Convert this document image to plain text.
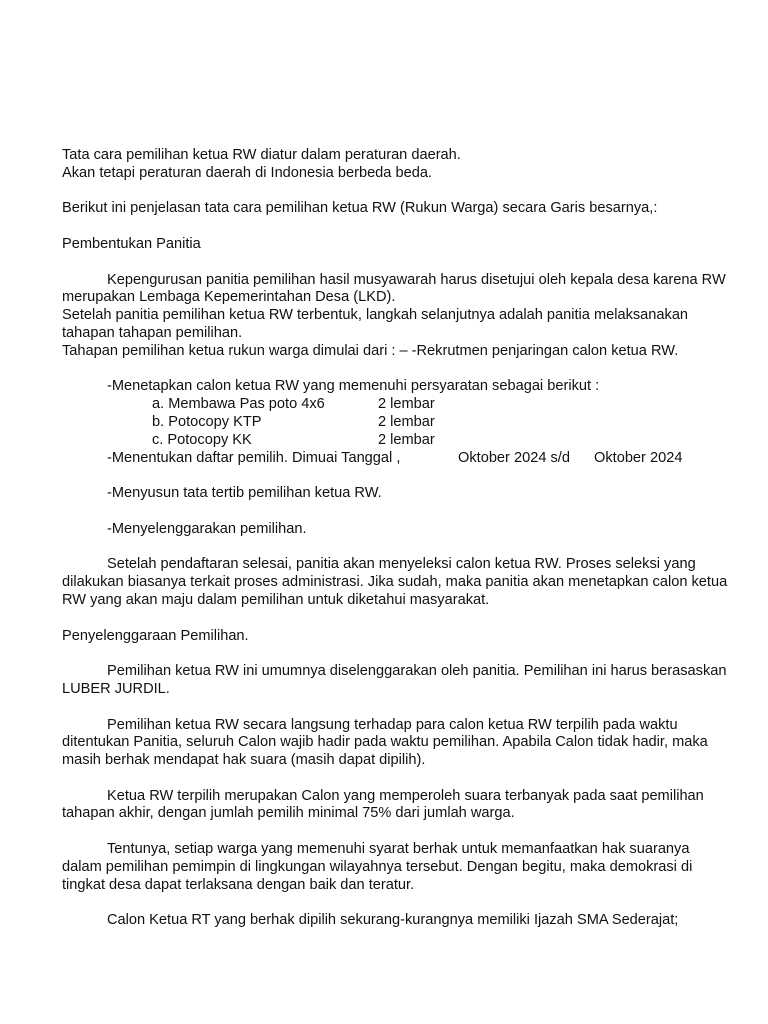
Tata cara pemilihan ketua RW diatur dalam peraturan daerah.

Akan tetapi peraturan daerah di Indonesia berbeda beda.

Berikut ini penjelasan tata cara pemilihan ketua RW (Rukun Warga) secara Garis besarnya,:

Pembentukan Panitia

Kepengurusan panitia pemilihan hasil musyawarah harus disetujui oleh kepala desa karena RW merupakan Lembaga Kepemerintahan Desa (LKD).

Setelah panitia pemilihan ketua RW terbentuk, langkah selanjutnya adalah panitia melaksanakan tahapan tahapan pemilihan.

Tahapan pemilihan ketua rukun warga dimulai dari : – -Rekrutmen penjaringan calon ketua RW.

-Menetapkan calon ketua RW yang memenuhi persyaratan sebagai berikut :

a. Membawa Pas poto 4x6	2 lembar
b. Potocopy KTP	2 lembar
c. Potocopy KK	2 lembar
-Menentukan daftar pemilih. Dimuai Tanggal ,	Oktober 2024 s/d Oktober 2024

-Menyusun tata tertib pemilihan ketua RW.

-Menyelenggarakan pemilihan.

Setelah pendaftaran selesai, panitia akan menyeleksi calon ketua RW. Proses seleksi yang dilakukan biasanya terkait proses administrasi. Jika sudah, maka panitia akan menetapkan calon ketua RW yang akan maju dalam pemilihan untuk diketahui masyarakat.

Penyelenggaraan Pemilihan.

Pemilihan ketua RW ini umumnya diselenggarakan oleh panitia. Pemilihan ini harus berasaskan LUBER JURDIL.

Pemilihan ketua RW secara langsung terhadap para calon ketua RW terpilih pada waktu ditentukan Panitia, seluruh Calon wajib hadir pada waktu pemilihan. Apabila Calon tidak hadir, maka masih berhak mendapat hak suara (masih dapat dipilih).

Ketua RW terpilih merupakan Calon yang memperoleh suara terbanyak pada saat pemilihan tahapan akhir, dengan jumlah pemilih minimal 75% dari jumlah warga.

Tentunya, setiap warga yang memenuhi syarat berhak untuk memanfaatkan hak suaranya dalam pemilihan pemimpin di lingkungan wilayahnya tersebut. Dengan begitu, maka demokrasi di tingkat desa dapat terlaksana dengan baik dan teratur.

Calon Ketua RT yang berhak dipilih sekurang-kurangnya memiliki Ijazah SMA Sederajat;
